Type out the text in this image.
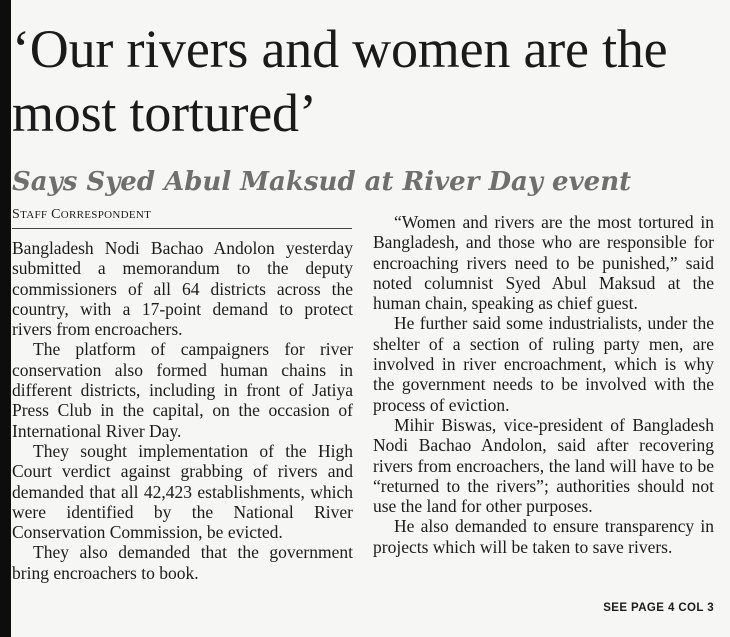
‘Our rivers and women are the most tortured’
Says Syed Abul Maksud at River Day event
STAFF CORRESPONDENT

Bangladesh Nodi Bachao Andolon yesterday submitted a memorandum to the deputy commissioners of all 64 districts across the country, with a 17-point demand to protect rivers from encroachers.

The platform of campaigners for river conservation also formed human chains in different districts, including in front of Jatiya Press Club in the capital, on the occasion of International River Day.

They sought implementation of the High Court verdict against grabbing of rivers and demanded that all 42,423 establishments, which were identified by the National River Conservation Commission, be evicted.

They also demanded that the government bring encroachers to book.

“Women and rivers are the most tortured in Bangladesh, and those who are responsible for encroaching rivers need to be punished,” said noted columnist Syed Abul Maksud at the human chain, speaking as chief guest.

He further said some industrialists, under the shelter of a section of ruling party men, are involved in river encroachment, which is why the government needs to be involved with the process of eviction.

Mihir Biswas, vice-president of Bangladesh Nodi Bachao Andolon, said after recovering rivers from encroachers, the land will have to be “returned to the rivers”; authorities should not use the land for other purposes.

He also demanded to ensure transparency in projects which will be taken to save rivers.

SEE PAGE 4 COL 3
